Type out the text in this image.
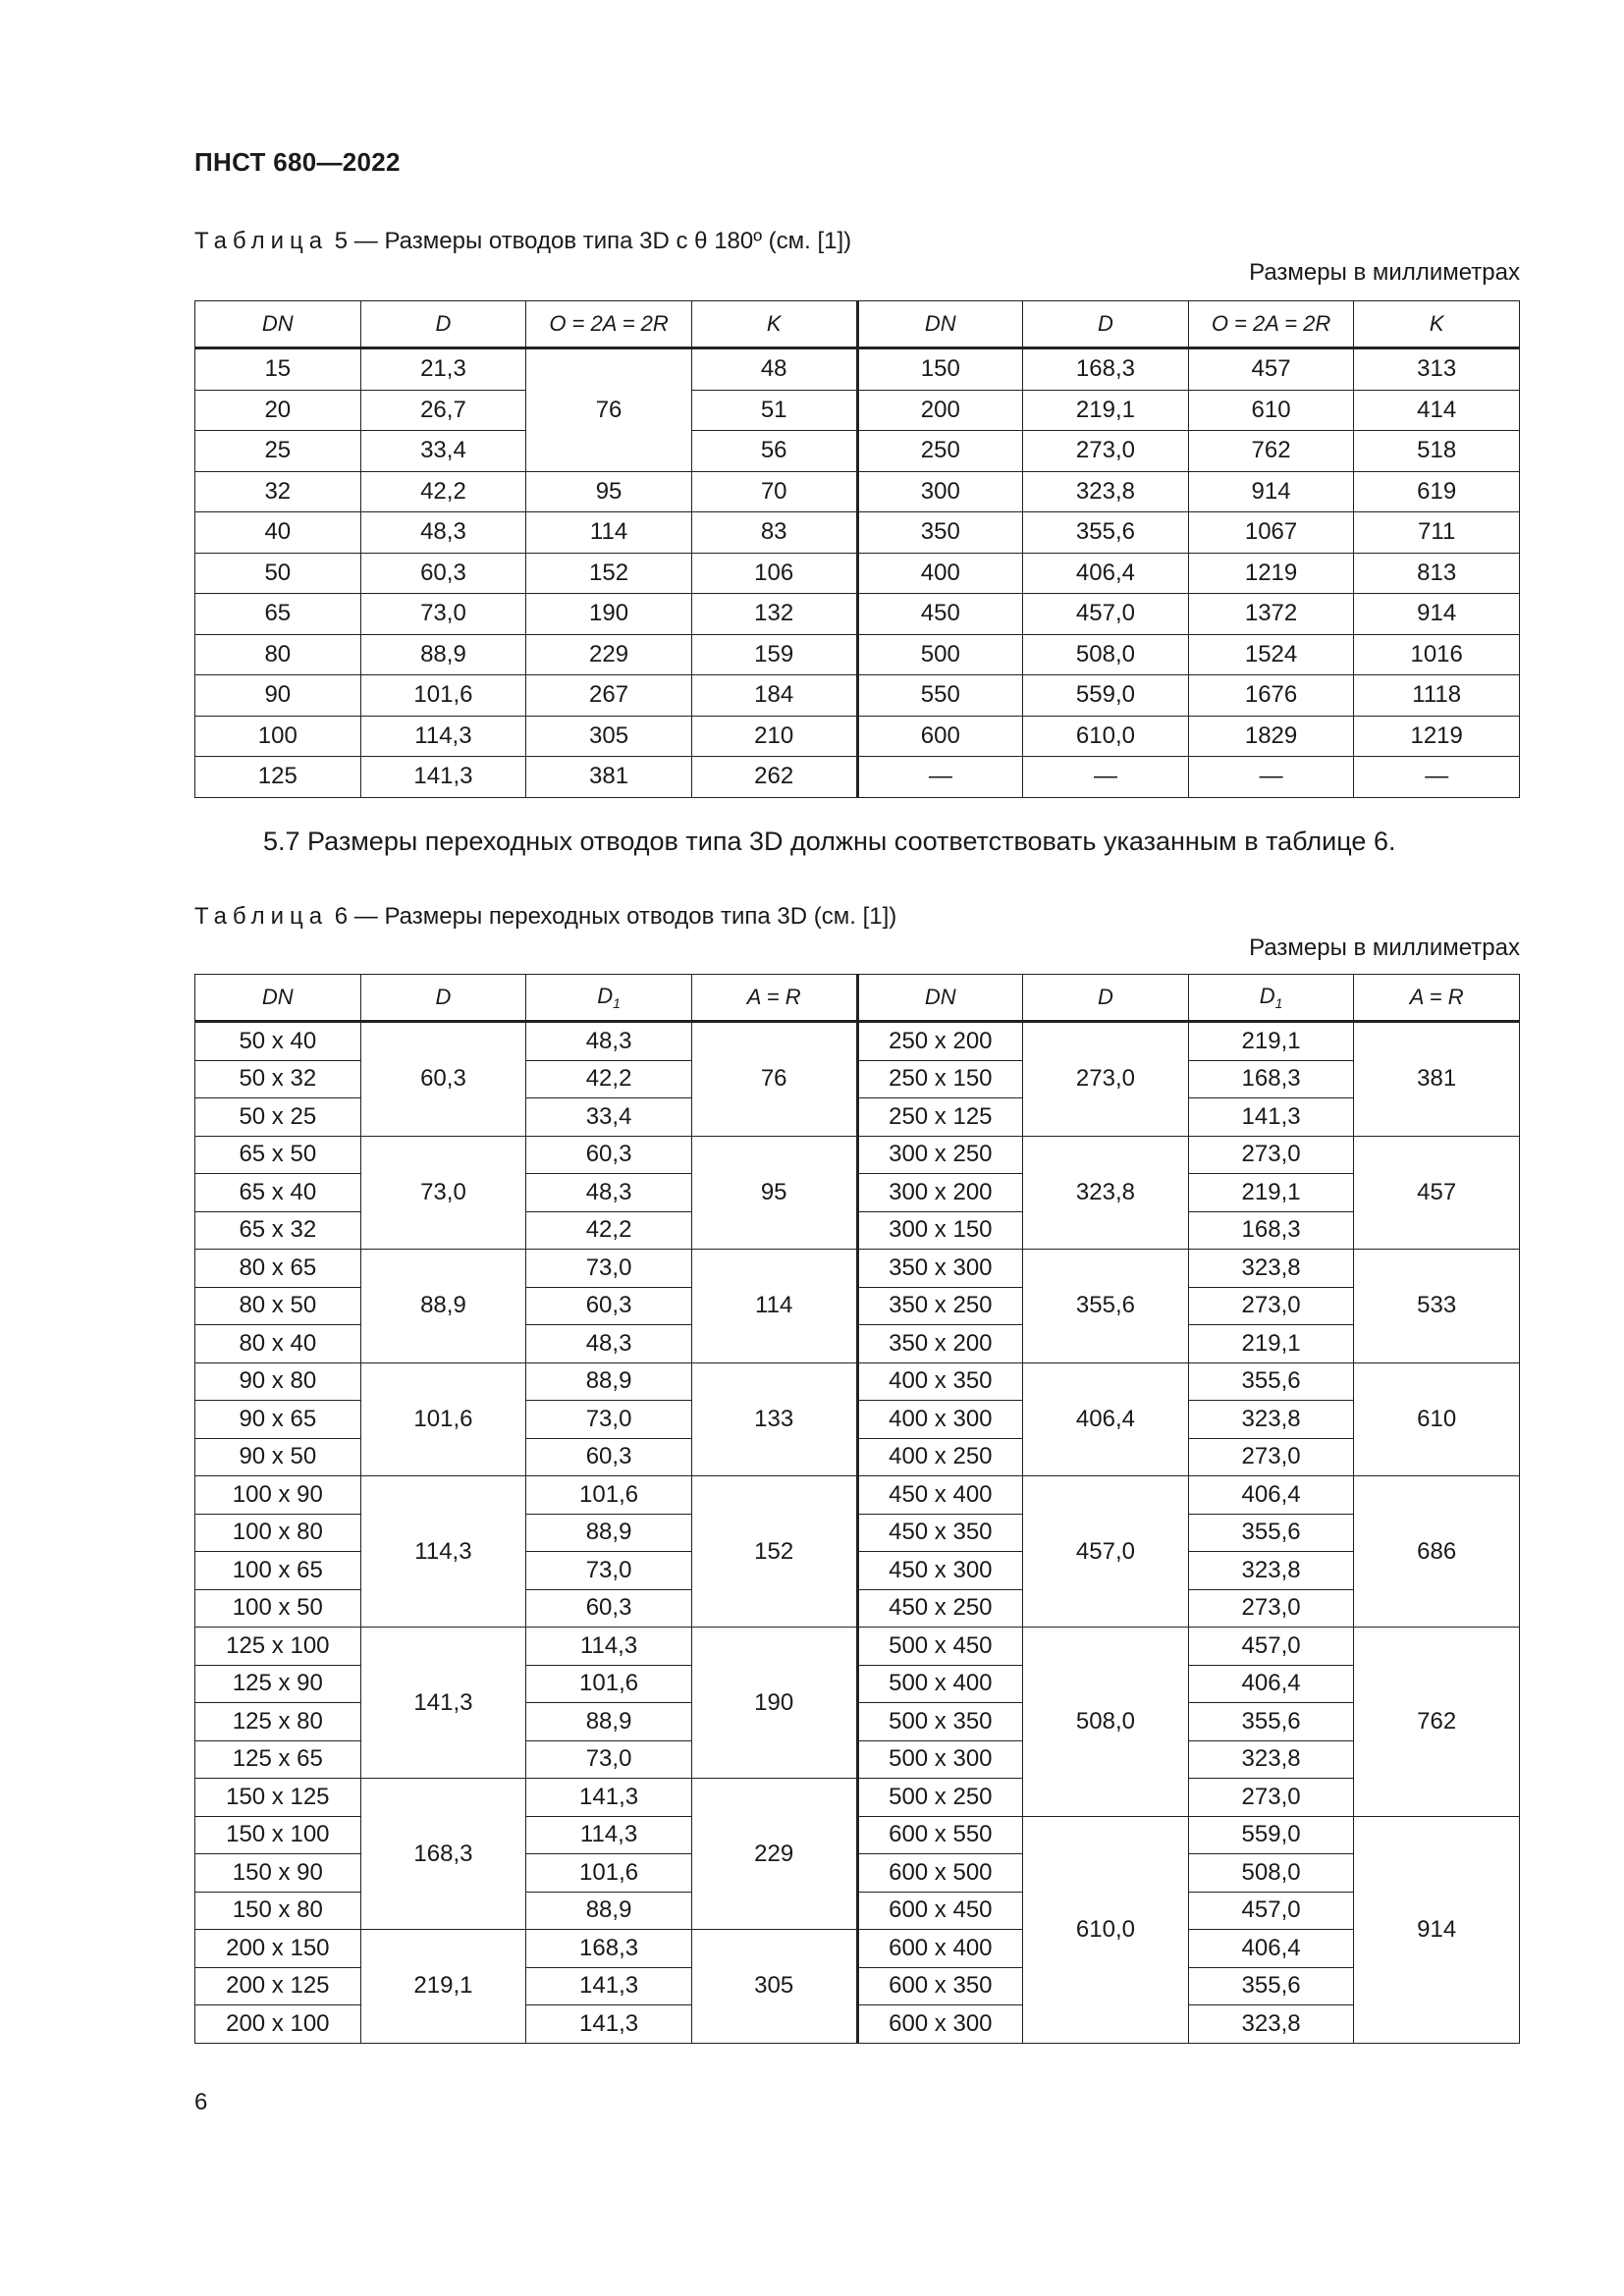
ПНСТ 680—2022
Таблица 5 — Размеры отводов типа 3D с θ 180º (см. [1])
Размеры в миллиметрах
DN	D	O = 2A = 2R	K	DN	D	O = 2A = 2R	K
15	21,3	76	48	150	168,3	457	313
20	26,7		51	200	219,1	610	414
25	33,4		56	250	273,0	762	518
32	42,2	95	70	300	323,8	914	619
40	48,3	114	83	350	355,6	1067	711
50	60,3	152	106	400	406,4	1219	813
65	73,0	190	132	450	457,0	1372	914
80	88,9	229	159	500	508,0	1524	1016
90	101,6	267	184	550	559,0	1676	1118
100	114,3	305	210	600	610,0	1829	1219
125	141,3	381	262	—	—	—	—
5.7 Размеры переходных отводов типа 3D должны соответствовать указанным в таблице 6.
Таблица 6 — Размеры переходных отводов типа 3D (см. [1])
Размеры в миллиметрах
DN	D	$D_1$	A = R	DN	D	$D_1$	A = R
50 x 40	60,3	48,3	76	250 x 200	273,0	219,1	381
50 x 32		42,2		250 x 150		168,3	
50 x 25		33,4		250 x 125		141,3	
65 x 50	73,0	60,3	95	300 x 250	323,8	273,0	457
65 x 40		48,3		300 x 200		219,1	
65 x 32		42,2		300 x 150		168,3	
80 x 65	88,9	73,0	114	350 x 300	355,6	323,8	533
80 x 50		60,3		350 x 250		273,0	
80 x 40		48,3		350 x 200		219,1	
90 x 80	101,6	88,9	133	400 x 350	406,4	355,6	610
90 x 65		73,0		400 x 300		323,8	
90 x 50		60,3		400 x 250		273,0	
100 x 90	114,3	101,6	152	450 x 400	457,0	406,4	686
100 x 80		88,9		450 x 350		355,6	
100 x 65		73,0		450 x 300		323,8	
100 x 50		60,3		450 x 250		273,0	
125 x 100	141,3	114,3	190	500 x 450	508,0	457,0	762
125 x 90		101,6		500 x 400		406,4	
125 x 80		88,9		500 x 350		355,6	
125 x 65		73,0		500 x 300		323,8	
150 x 125	168,3	141,3	229	500 x 250		273,0	
150 x 100		114,3		600 x 550	610,0	559,0	914
150 x 90		101,6		600 x 500		508,0	
150 x 80		88,9		600 x 450		457,0	
200 x 150	219,1	168,3	305	600 x 400		406,4	
200 x 125		141,3		600 x 350		355,6	
200 x 100		141,3		600 x 300		323,8	
6
